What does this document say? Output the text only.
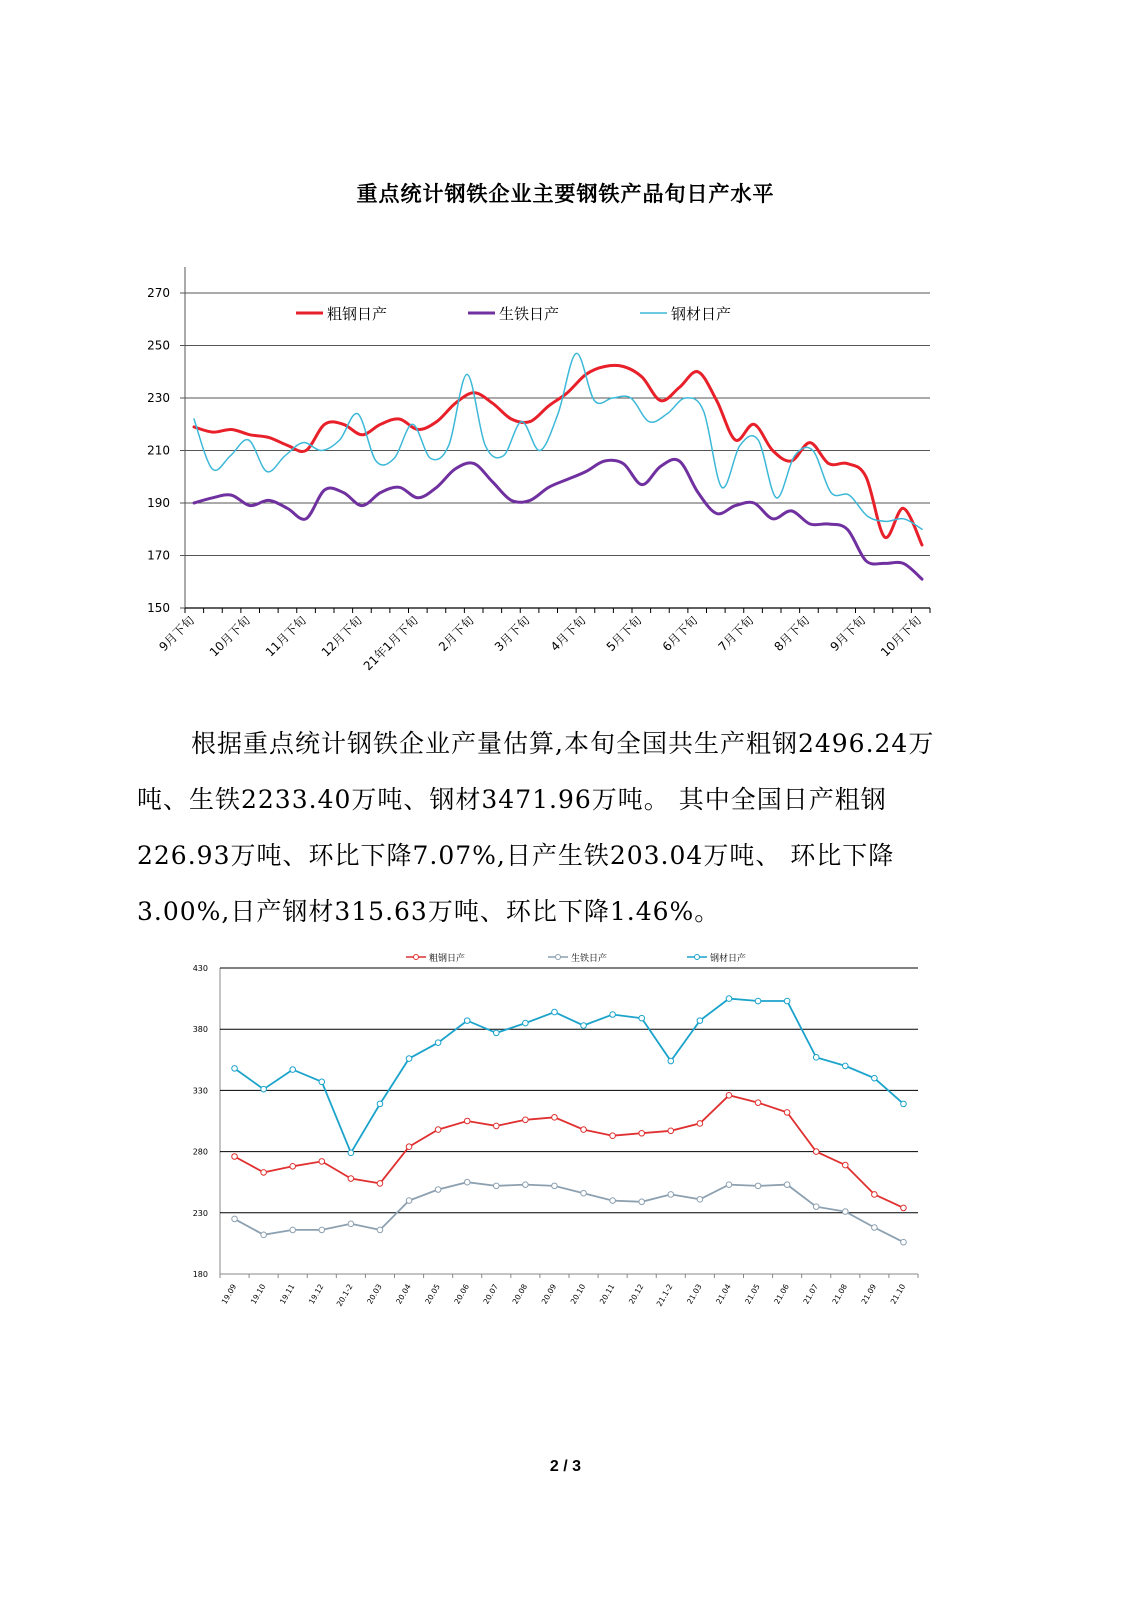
重点统计钢铁企业主要钢铁产品旬日产水平
150
170
190
210
230
250
270
9月下旬 10月下旬 11月下旬 12月下旬
21年1月下旬 2月下旬 3月下旬 4月下旬 5月下旬 6月下旬 7月下旬 8月下旬 9月下旬 10月下旬
粗钢日产	生铁日产	钢材日产

根据重点统计钢铁企业产量估算,本旬全国共生产粗钢2496.24万吨、生铁2233.40万吨、钢材3471.96万吨。 其中全国日产粗钢226.93万吨、环比下降7.07%,日产生铁203.04万吨、 环比下降3.00%,日产钢材315.63万吨、环比下降1.46%。

180
230
280
330
380
430
19.09 19.10 19.11 19.12 20.1-2 20.03 20.04 20.05 20.06 20.07 20.08 20.09 20.10 20.11 20.12 21.1-2 21.03 21.04 21.05 21.06 21.07 21.08 21.09 21.10
粗钢日产	生铁日产	钢材日产
2 / 3
